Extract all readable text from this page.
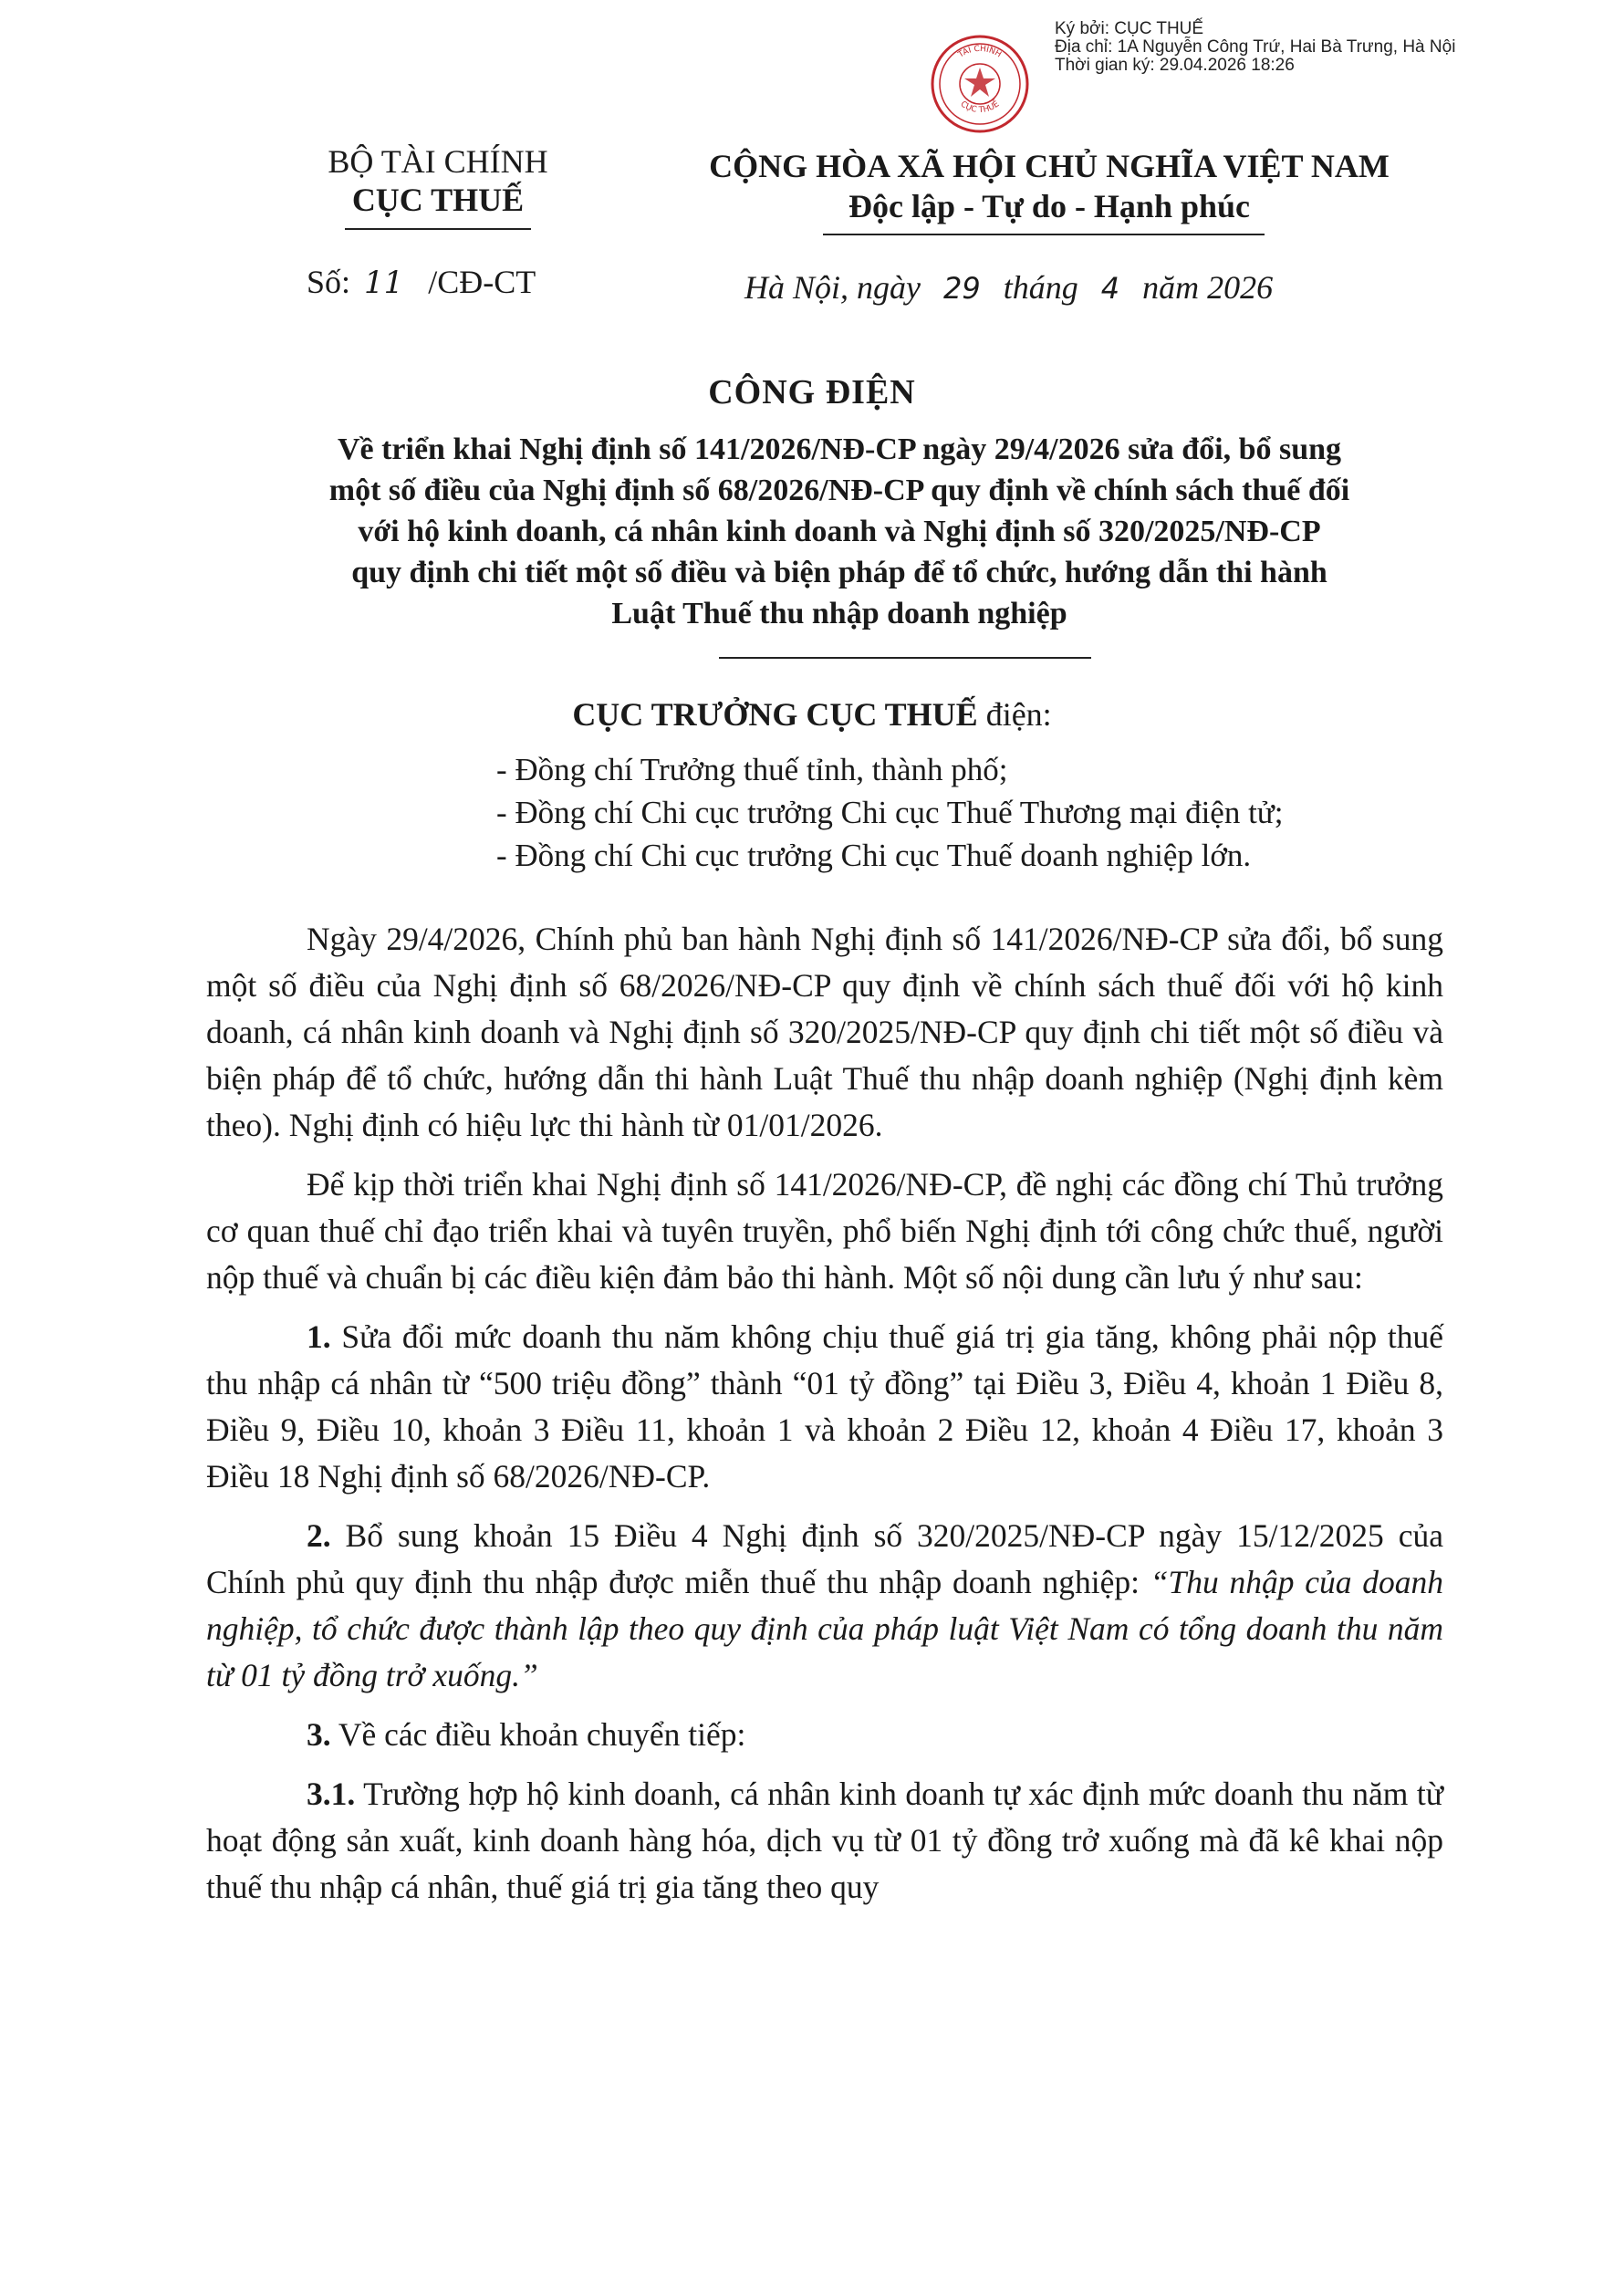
TÀI CHÍNH
CỤC THUẾ
Ký bởi: CỤC THUẾ
Địa chỉ: 1A Nguyễn Công Trứ, Hai Bà Trưng, Hà Nội
Thời gian ký: 29.04.2026 18:26
BỘ TÀI CHÍNH
CỤC THUẾ
CỘNG HÒA XÃ HỘI CHỦ NGHĨA VIỆT NAM
Độc lập - Tự do - Hạnh phúc
Số: 11 /CĐ-CT	Hà Nội, ngày 29 tháng 4 năm 2026
CÔNG ĐIỆN
Về triển khai Nghị định số 141/2026/NĐ-CP ngày 29/4/2026 sửa đổi, bổ sung
một số điều của Nghị định số 68/2026/NĐ-CP quy định về chính sách thuế đối
với hộ kinh doanh, cá nhân kinh doanh và Nghị định số 320/2025/NĐ-CP
quy định chi tiết một số điều và biện pháp để tổ chức, hướng dẫn thi hành
Luật Thuế thu nhập doanh nghiệp
CỤC TRƯỞNG CỤC THUẾ điện:
- Đồng chí Trưởng thuế tỉnh, thành phố;
- Đồng chí Chi cục trưởng Chi cục Thuế Thương mại điện tử;
- Đồng chí Chi cục trưởng Chi cục Thuế doanh nghiệp lớn.

Ngày 29/4/2026, Chính phủ ban hành Nghị định số 141/2026/NĐ-CP sửa đổi, bổ sung một số điều của Nghị định số 68/2026/NĐ-CP quy định về chính sách thuế đối với hộ kinh doanh, cá nhân kinh doanh và Nghị định số 320/2025/NĐ-CP quy định chi tiết một số điều và biện pháp để tổ chức, hướng dẫn thi hành Luật Thuế thu nhập doanh nghiệp (Nghị định kèm theo). Nghị định có hiệu lực thi hành từ 01/01/2026.

Để kịp thời triển khai Nghị định số 141/2026/NĐ-CP, đề nghị các đồng chí Thủ trưởng cơ quan thuế chỉ đạo triển khai và tuyên truyền, phổ biến Nghị định tới công chức thuế, người nộp thuế và chuẩn bị các điều kiện đảm bảo thi hành. Một số nội dung cần lưu ý như sau:

1. Sửa đổi mức doanh thu năm không chịu thuế giá trị gia tăng, không phải nộp thuế thu nhập cá nhân từ “500 triệu đồng” thành “01 tỷ đồng” tại Điều 3, Điều 4, khoản 1 Điều 8, Điều 9, Điều 10, khoản 3 Điều 11, khoản 1 và khoản 2 Điều 12, khoản 4 Điều 17, khoản 3 Điều 18 Nghị định số 68/2026/NĐ-CP.

2. Bổ sung khoản 15 Điều 4 Nghị định số 320/2025/NĐ-CP ngày 15/12/2025 của Chính phủ quy định thu nhập được miễn thuế thu nhập doanh nghiệp: “Thu nhập của doanh nghiệp, tổ chức được thành lập theo quy định của pháp luật Việt Nam có tổng doanh thu năm từ 01 tỷ đồng trở xuống.”

3. Về các điều khoản chuyển tiếp:

3.1. Trường hợp hộ kinh doanh, cá nhân kinh doanh tự xác định mức doanh thu năm từ hoạt động sản xuất, kinh doanh hàng hóa, dịch vụ từ 01 tỷ đồng trở xuống mà đã kê khai nộp thuế thu nhập cá nhân, thuế giá trị gia tăng theo quy
